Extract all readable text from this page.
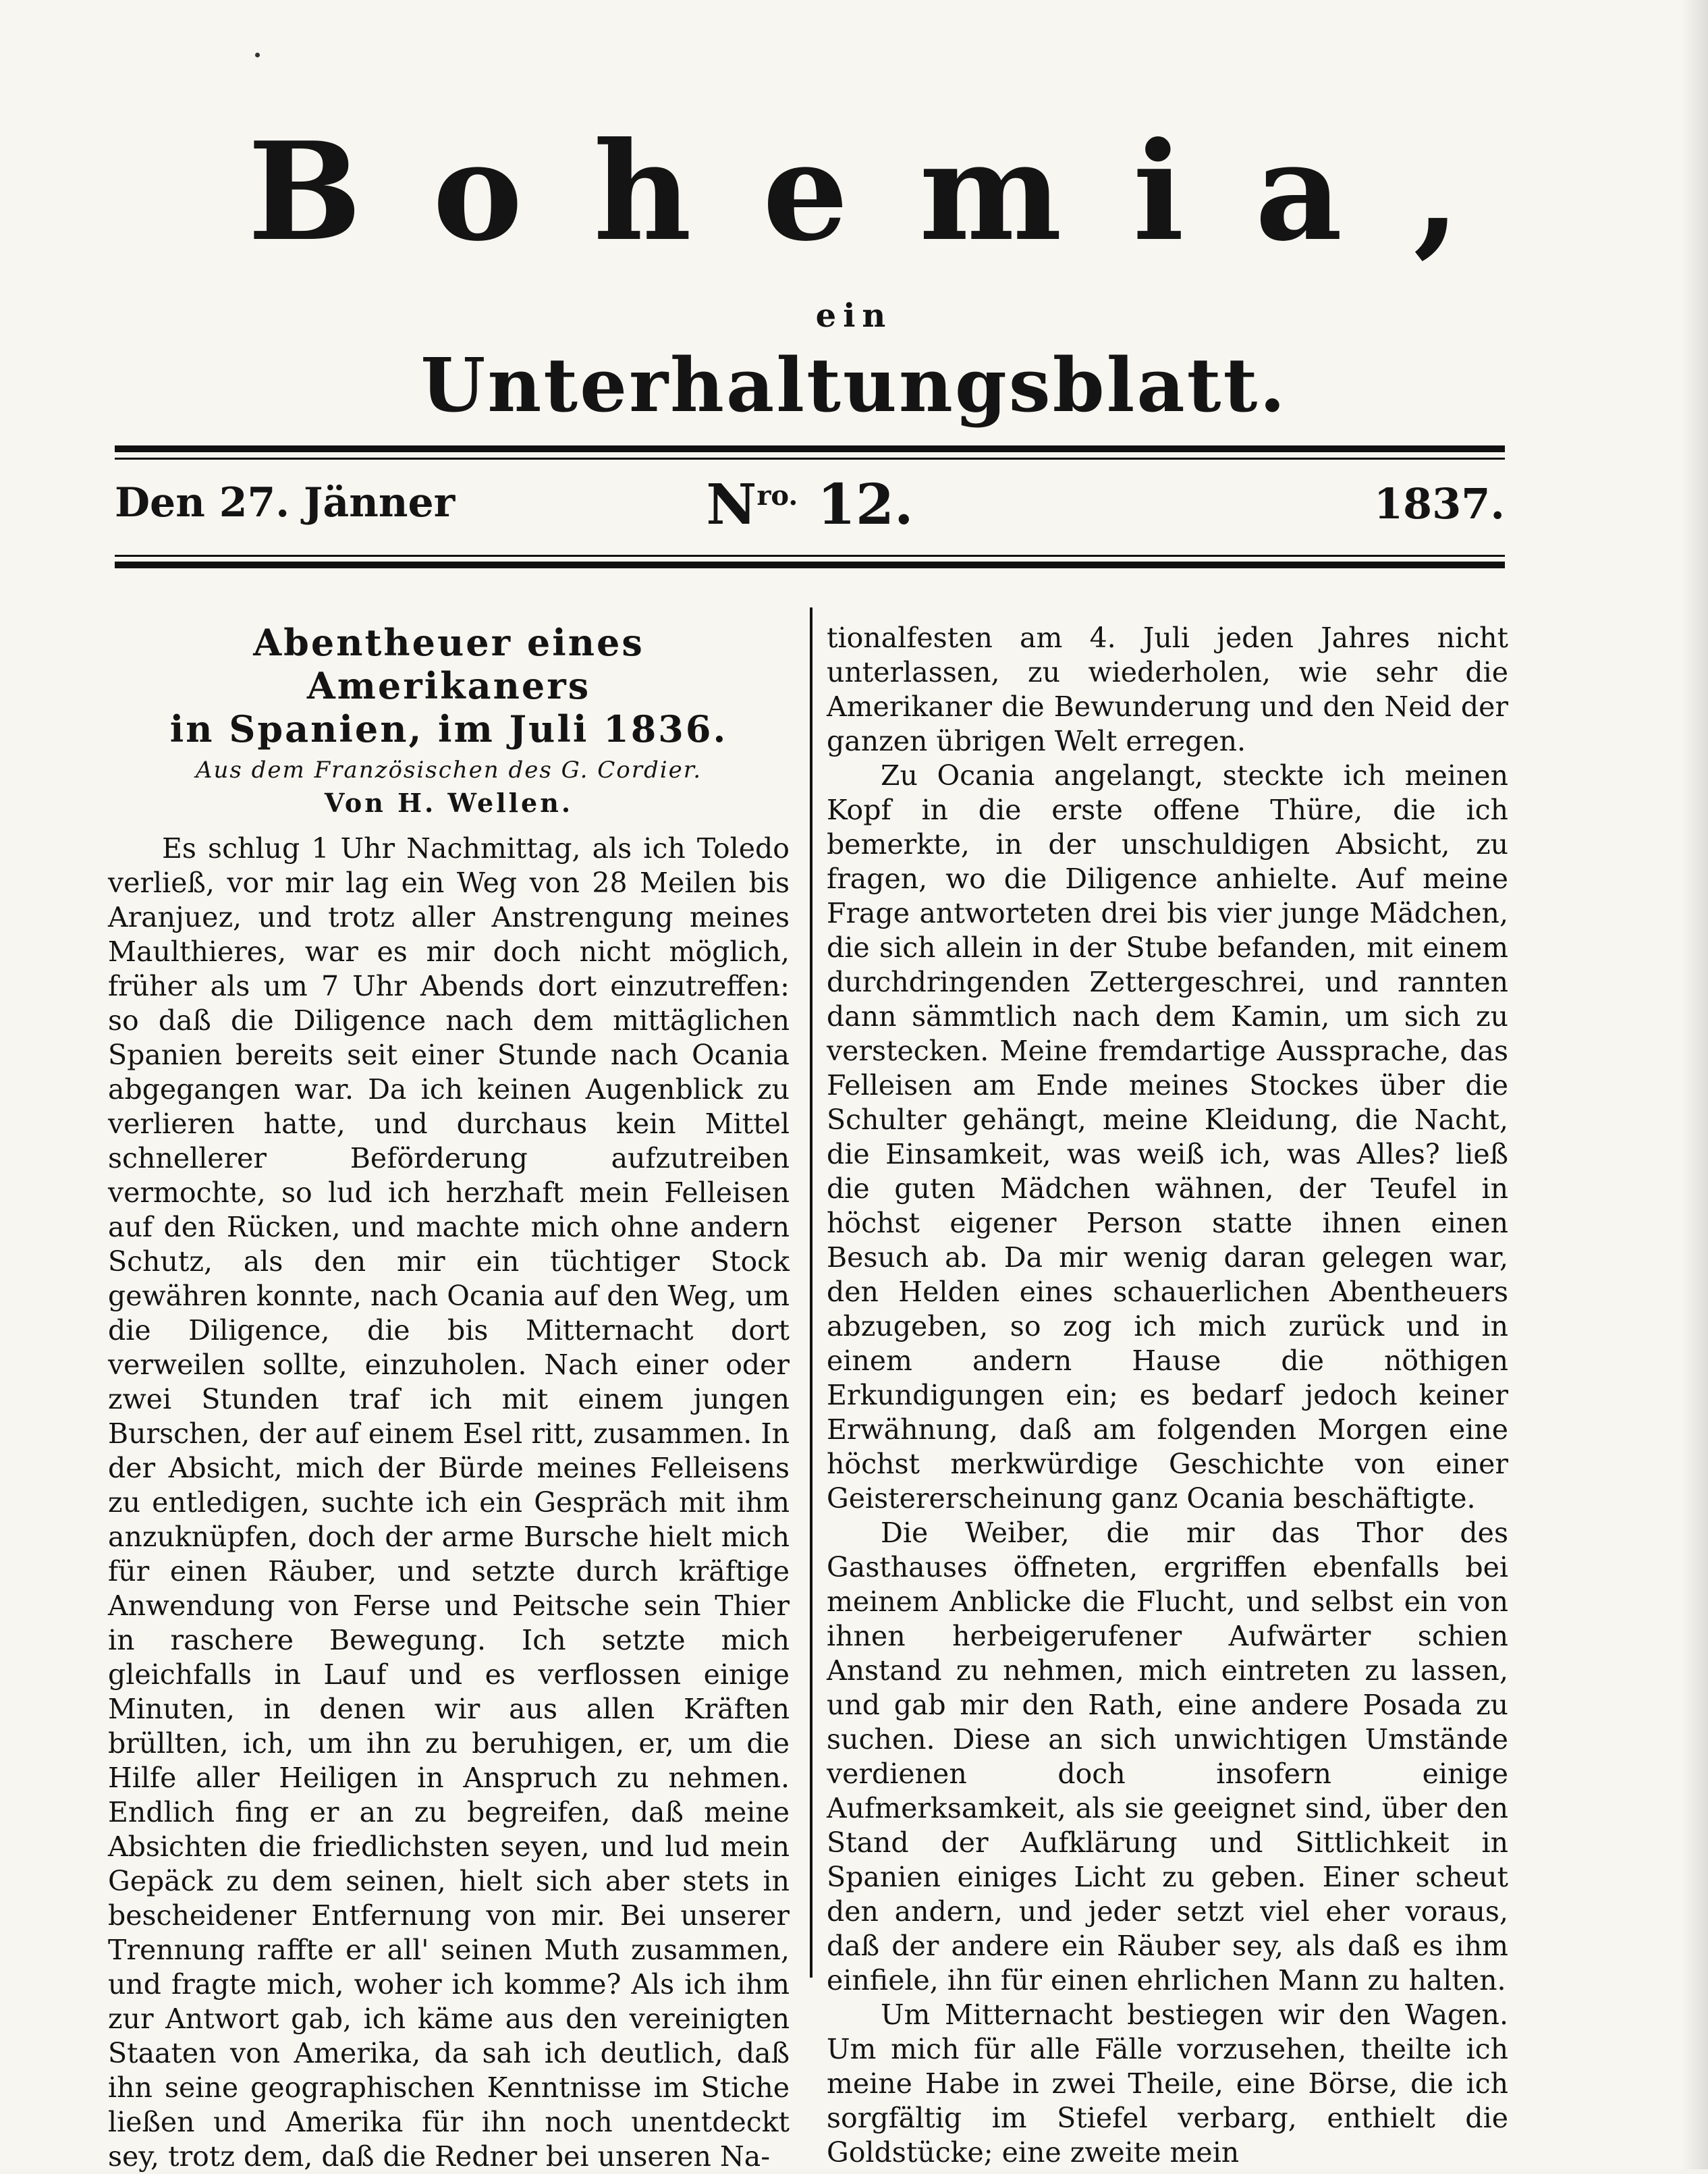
Bohemia,
ein
Unterhaltungsblatt.
Den 27. Jänner	$N^{ro.}$ 12.	1837.
Abentheuer eines Amerikaners
in Spanien, im Juli 1836.
Aus dem Französischen des G. Cordier.
Von H. Wellen.

Es schlug 1 Uhr Nachmittag, als ich Toledo verließ, vor mir lag ein Weg von 28 Meilen bis Aranjuez, und trotz aller Anstrengung meines Maulthieres, war es mir doch nicht möglich, früher als um 7 Uhr Abends dort einzutreffen: so daß die Diligence nach dem mittäglichen Spanien bereits seit einer Stunde nach Ocania abgegangen war. Da ich keinen Augenblick zu verlieren hatte, und durchaus kein Mittel schnellerer Beförderung aufzutreiben vermochte, so lud ich herzhaft mein Felleisen auf den Rücken, und machte mich ohne andern Schutz, als den mir ein tüchtiger Stock gewähren konnte, nach Ocania auf den Weg, um die Diligence, die bis Mitternacht dort verweilen sollte, einzuholen. Nach einer oder zwei Stunden traf ich mit einem jungen Burschen, der auf einem Esel ritt, zusammen. In der Absicht, mich der Bürde meines Felleisens zu entledigen, suchte ich ein Gespräch mit ihm anzuknüpfen, doch der arme Bursche hielt mich für einen Räuber, und setzte durch kräftige Anwendung von Ferse und Peitsche sein Thier in raschere Bewegung. Ich setzte mich gleichfalls in Lauf und es verflossen einige Minuten, in denen wir aus allen Kräften brüllten, ich, um ihn zu beruhigen, er, um die Hilfe aller Heiligen in Anspruch zu nehmen. Endlich fing er an zu begreifen, daß meine Absichten die friedlichsten seyen, und lud mein Gepäck zu dem seinen, hielt sich aber stets in bescheidener Entfernung von mir. Bei unserer Trennung raffte er all' seinen Muth zusammen, und fragte mich, woher ich komme? Als ich ihm zur Antwort gab, ich käme aus den vereinigten Staaten von Amerika, da sah ich deutlich, daß ihn seine geographischen Kenntnisse im Stiche ließen und Amerika für ihn noch unentdeckt sey, trotz dem, daß die Redner bei unseren Na-

tionalfesten am 4. Juli jeden Jahres nicht unterlassen, zu wiederholen, wie sehr die Amerikaner die Bewunderung und den Neid der ganzen übrigen Welt erregen.

Zu Ocania angelangt, steckte ich meinen Kopf in die erste offene Thüre, die ich bemerkte, in der unschuldigen Absicht, zu fragen, wo die Diligence anhielte. Auf meine Frage antworteten drei bis vier junge Mädchen, die sich allein in der Stube befanden, mit einem durchdringenden Zettergeschrei, und rannten dann sämmtlich nach dem Kamin, um sich zu verstecken. Meine fremdartige Aussprache, das Felleisen am Ende meines Stockes über die Schulter gehängt, meine Kleidung, die Nacht, die Einsamkeit, was weiß ich, was Alles? ließ die guten Mädchen wähnen, der Teufel in höchst eigener Person statte ihnen einen Besuch ab. Da mir wenig daran gelegen war, den Helden eines schauerlichen Abentheuers abzugeben, so zog ich mich zurück und in einem andern Hause die nöthigen Erkundigungen ein; es bedarf jedoch keiner Erwähnung, daß am folgenden Morgen eine höchst merkwürdige Geschichte von einer Geistererscheinung ganz Ocania beschäftigte.

Die Weiber, die mir das Thor des Gasthauses öffneten, ergriffen ebenfalls bei meinem Anblicke die Flucht, und selbst ein von ihnen herbeigerufener Aufwärter schien Anstand zu nehmen, mich eintreten zu lassen, und gab mir den Rath, eine andere Posada zu suchen. Diese an sich unwichtigen Umstände verdienen doch insofern einige Aufmerksamkeit, als sie geeignet sind, über den Stand der Aufklärung und Sittlichkeit in Spanien einiges Licht zu geben. Einer scheut den andern, und jeder setzt viel eher voraus, daß der andere ein Räuber sey, als daß es ihm einfiele, ihn für einen ehrlichen Mann zu halten.

Um Mitternacht bestiegen wir den Wagen. Um mich für alle Fälle vorzusehen, theilte ich meine Habe in zwei Theile, eine Börse, die ich sorgfältig im Stiefel verbarg, enthielt die Goldstücke; eine zweite mein
